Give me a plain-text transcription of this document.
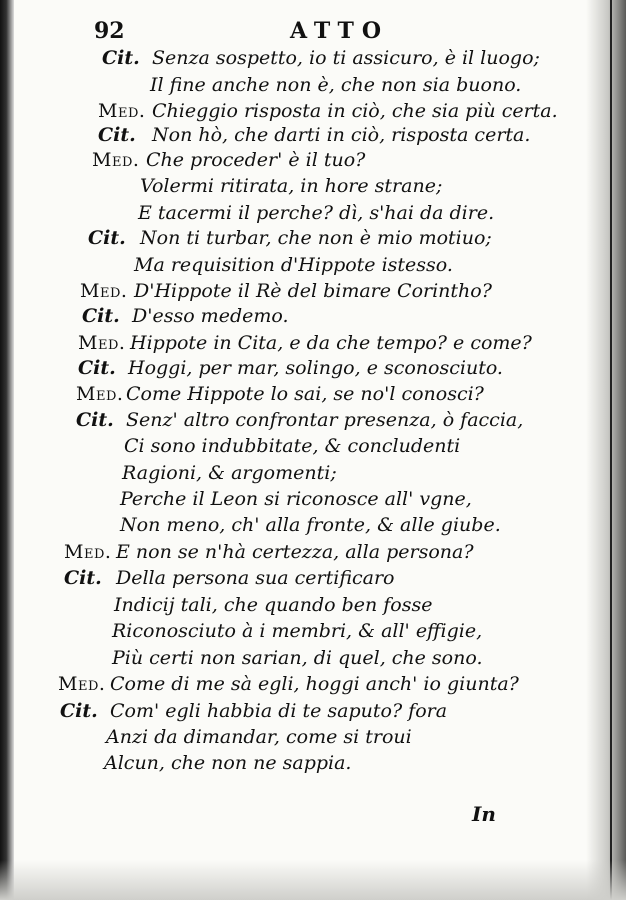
92	ATTO
Cit. Senza sospetto, io ti assicuro, è il luogo;
Il fine anche non è, che non sia buono.
Med. Chieggio risposta in ciò, che sia più certa.
Cit. Non hò, che darti in ciò, risposta certa.
Med. Che proceder' è il tuo?
Volermi ritirata, in hore strane;
E tacermi il perche? dì, s'hai da dire.
Cit. Non ti turbar, che non è mio motiuo;
Ma requisition d'Hippote istesso.
Med. D'Hippote il Rè del bimare Corintho?
Cit. D'esso medemo.
Med. Hippote in Cita, e da che tempo? e come?
Cit. Hoggi, per mar, solingo, e sconosciuto.
Med. Come Hippote lo sai, se no'l conosci?
Cit. Senz' altro confrontar presenza, ò faccia,
Ci sono indubbitate, & concludenti
Ragioni, & argomenti;
Perche il Leon si riconosce all' vgne,
Non meno, ch' alla fronte, & alle giube.
Med. E non se n'hà certezza, alla persona?
Cit. Della persona sua certificaro
Indicij tali, che quando ben fosse
Riconosciuto à i membri, & all' effigie,
Più certi non sarian, di quel, che sono.
Med. Come di me sà egli, hoggi anch' io giunta?
Cit. Com' egli habbia di te saputo? fora
Anzi da dimandar, come si troui
Alcun, che non ne sappia.
In
